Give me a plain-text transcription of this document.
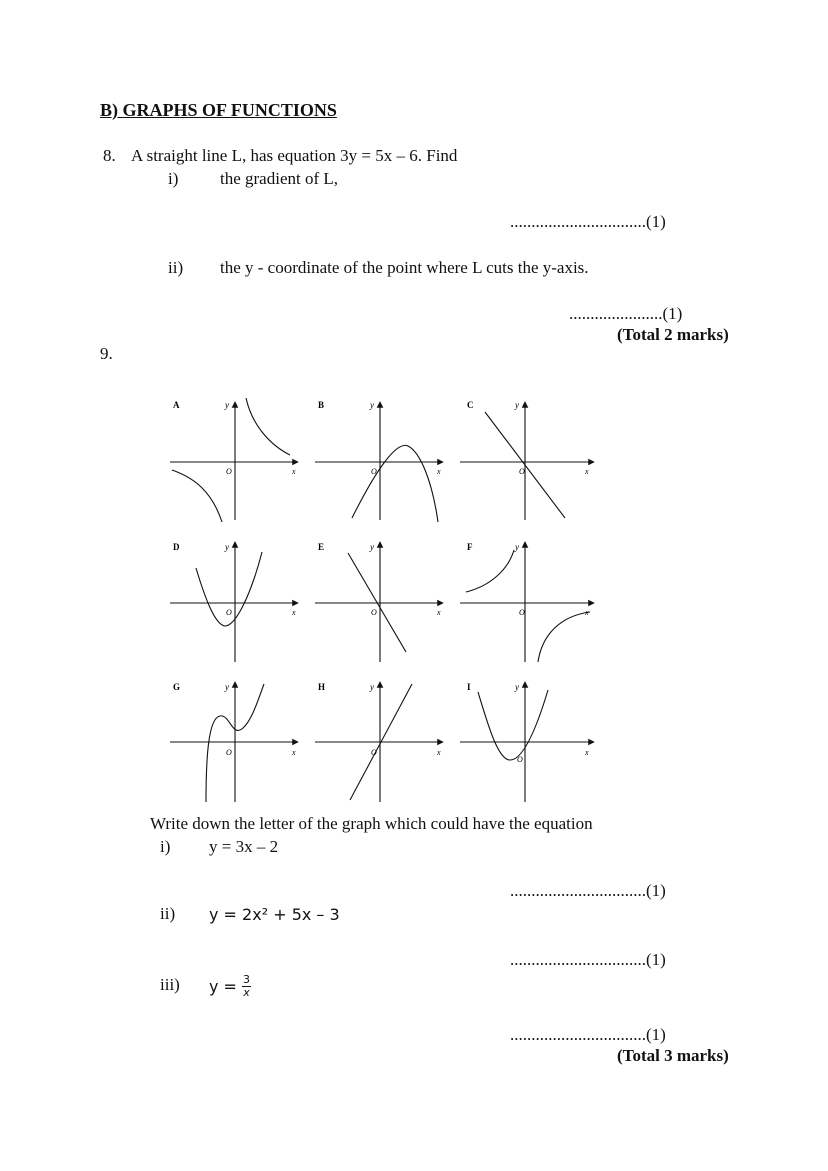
B) GRAPHS OF FUNCTIONS
8. A straight line L, has equation 3y = 5x – 6. Find
i) the gradient of L,
................................(1)
ii) the y - coordinate of the point where L cuts the y-axis.
......................(1)
(Total 2 marks)
9.
A	y
x
O
B	y
x
O
C	y
x
O
D	y
x
O
E	y
x
O
F	y
x
O
G	y
x
O
H	y
x
O
I	y
x
O
Write down the letter of the graph which could have the equation
i) y = 3x – 2
................................(1)
ii) y = 2x² + 5x – 3
................................(1)
iii) $y = \frac{3}{x}$
................................(1)
(Total 3 marks)
